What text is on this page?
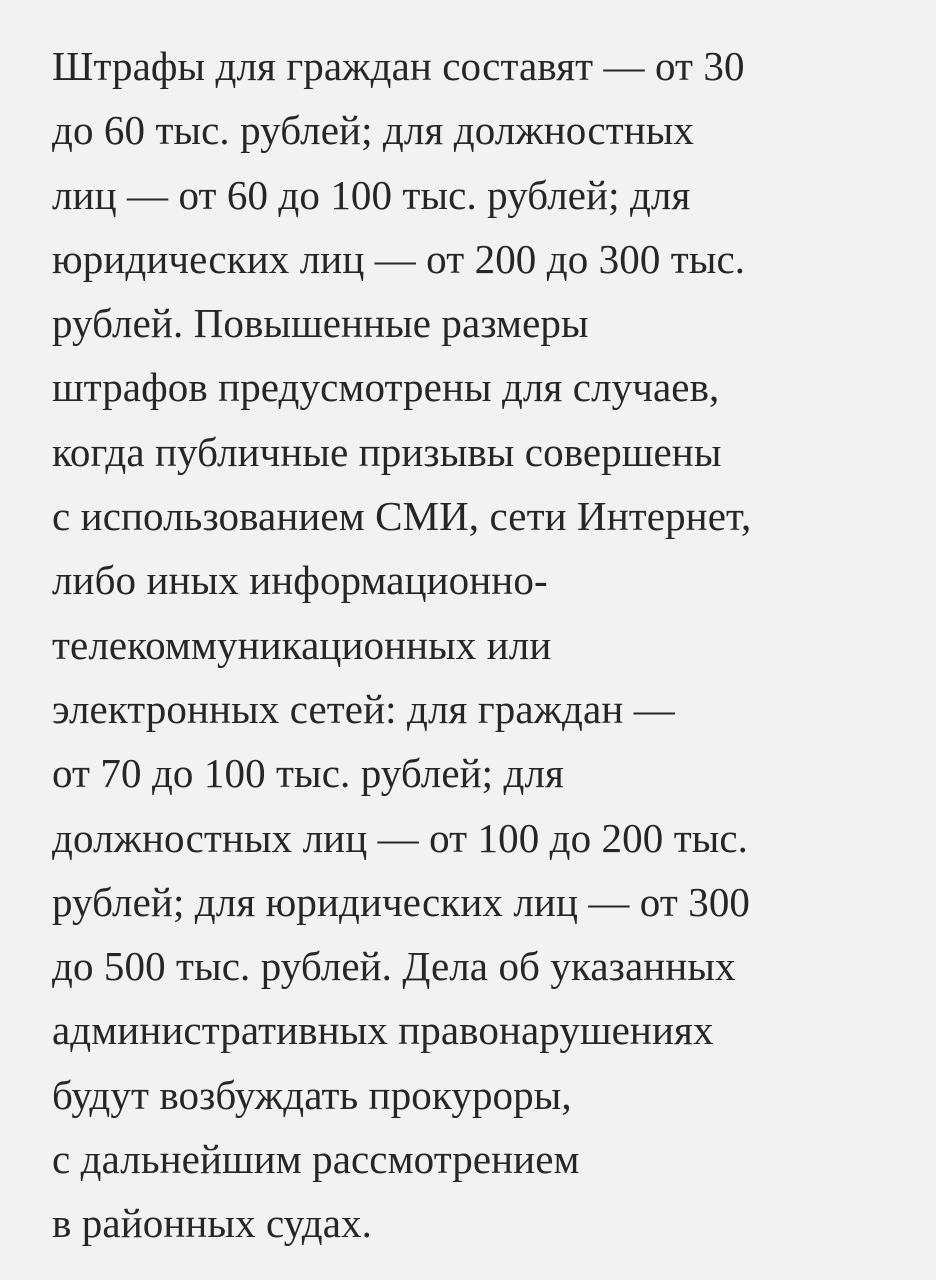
Штрафы для граждан составят — от 30
до 60 тыс. рублей; для должностных
лиц — от 60 до 100 тыс. рублей; для
юридических лиц — от 200 до 300 тыс.
рублей. Повышенные размеры
штрафов предусмотрены для случаев,
когда публичные призывы совершены
с использованием СМИ, сети Интернет,
либо иных информационно-
телекоммуникационных или
электронных сетей: для граждан —
от 70 до 100 тыс. рублей; для
должностных лиц — от 100 до 200 тыс.
рублей; для юридических лиц — от 300
до 500 тыс. рублей. Дела об указанных
административных правонарушениях
будут возбуждать прокуроры,
с дальнейшим рассмотрением
в районных судах.
